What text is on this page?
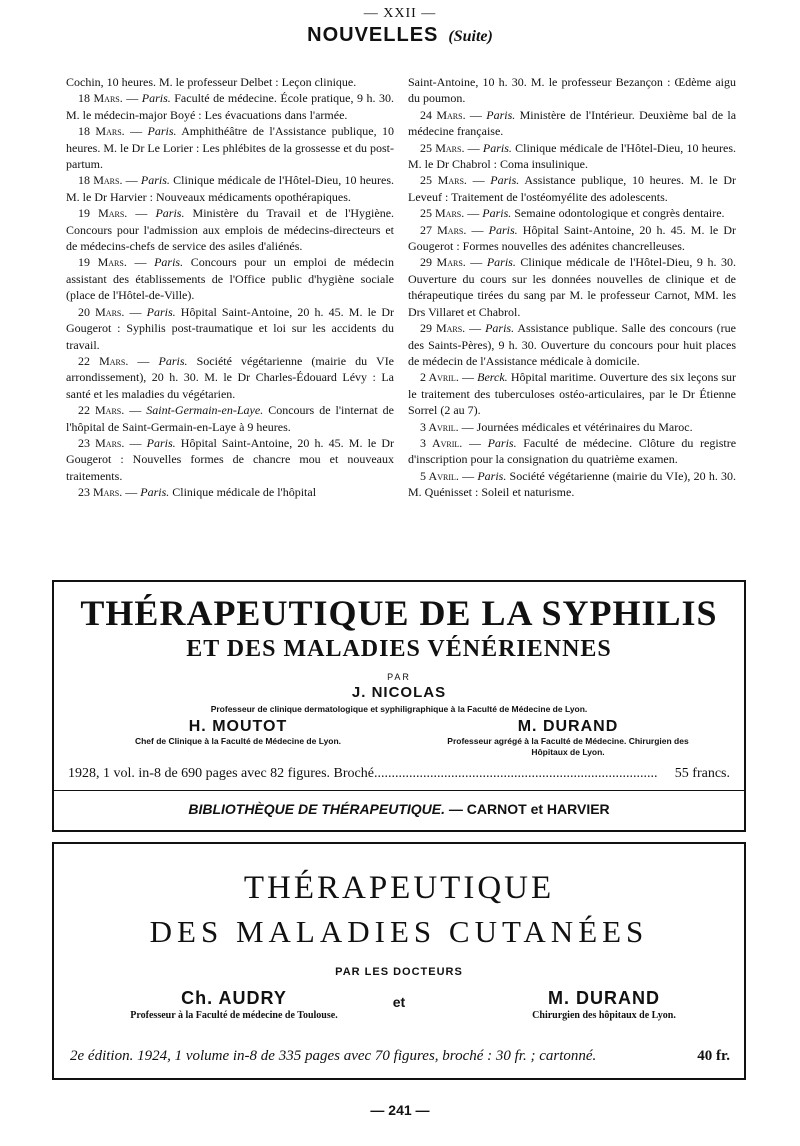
— XXII —
NOUVELLES (Suite)

Cochin, 10 heures. M. le professeur Delbet : Leçon clinique.

18 Mars. — Paris. Faculté de médecine. École pratique, 9 h. 30. M. le médecin-major Boyé : Les évacuations dans l'armée.

18 Mars. — Paris. Amphithéâtre de l'Assistance publique, 10 heures. M. le Dr Le Lorier : Les phlébites de la grossesse et du post-partum.

18 Mars. — Paris. Clinique médicale de l'Hôtel-Dieu, 10 heures. M. le Dr Harvier : Nouveaux médicaments opothérapiques.

19 Mars. — Paris. Ministère du Travail et de l'Hygiène. Concours pour l'admission aux emplois de médecins-directeurs et de médecins-chefs de service des asiles d'aliénés.

19 Mars. — Paris. Concours pour un emploi de médecin assistant des établissements de l'Office public d'hygiène sociale (place de l'Hôtel-de-Ville).

20 Mars. — Paris. Hôpital Saint-Antoine, 20 h. 45. M. le Dr Gougerot : Syphilis post-traumatique et loi sur les accidents du travail.

22 Mars. — Paris. Société végétarienne (mairie du VIe arrondissement), 20 h. 30. M. le Dr Charles-Édouard Lévy : La santé et les maladies du végétarien.

22 Mars. — Saint-Germain-en-Laye. Concours de l'internat de l'hôpital de Saint-Germain-en-Laye à 9 heures.

23 Mars. — Paris. Hôpital Saint-Antoine, 20 h. 45. M. le Dr Gougerot : Nouvelles formes de chancre mou et nouveaux traitements.

23 Mars. — Paris. Clinique médicale de l'hôpital

Saint-Antoine, 10 h. 30. M. le professeur Bezançon : Œdème aigu du poumon.

24 Mars. — Paris. Ministère de l'Intérieur. Deuxième bal de la médecine française.

25 Mars. — Paris. Clinique médicale de l'Hôtel-Dieu, 10 heures. M. le Dr Chabrol : Coma insulinique.

25 Mars. — Paris. Assistance publique, 10 heures. M. le Dr Leveuf : Traitement de l'ostéomyélite des adolescents.

25 Mars. — Paris. Semaine odontologique et congrès dentaire.

27 Mars. — Paris. Hôpital Saint-Antoine, 20 h. 45. M. le Dr Gougerot : Formes nouvelles des adénites chancrelleuses.

29 Mars. — Paris. Clinique médicale de l'Hôtel-Dieu, 9 h. 30. Ouverture du cours sur les données nouvelles de clinique et de thérapeutique tirées du sang par M. le professeur Carnot, MM. les Drs Villaret et Chabrol.

29 Mars. — Paris. Assistance publique. Salle des concours (rue des Saints-Pères), 9 h. 30. Ouverture du concours pour huit places de médecin de l'Assistance médicale à domicile.

2 Avril. — Berck. Hôpital maritime. Ouverture des six leçons sur le traitement des tuberculoses ostéo-articulaires, par le Dr Étienne Sorrel (2 au 7).

3 Avril. — Journées médicales et vétérinaires du Maroc.

3 Avril. — Paris. Faculté de médecine. Clôture du registre d'inscription pour la consignation du quatrième examen.

5 Avril. — Paris. Société végétarienne (mairie du VIe), 20 h. 30. M. Quénisset : Soleil et naturisme.

THÉRAPEUTIQUE DE LA SYPHILIS
ET DES MALADIES VÉNÉRIENNES
PAR
J. NICOLAS
Professeur de clinique dermatologique et syphiligraphique à la Faculté de Médecine de Lyon.
H. MOUTOT
Chef de Clinique à la Faculté de Médecine de Lyon.
M. DURAND
Professeur agrégé à la Faculté de Médecine. Chirurgien des Hôpitaux de Lyon.
1928, 1 vol. in-8 de 690 pages avec 82 figures. Broché................................................................................. 55 francs.
BIBLIOTHÈQUE DE THÉRAPEUTIQUE. — CARNOT et HARVIER
THÉRAPEUTIQUE
DES MALADIES CUTANÉES
PAR LES DOCTEURS
Ch. AUDRY
Professeur à la Faculté de médecine de Toulouse.
et	M. DURAND
Chirurgien des hôpitaux de Lyon.
2e édition. 1924, 1 volume in-8 de 335 pages avec 70 figures, broché : 30 fr. ; cartonné.	40 fr.
— 241 —
